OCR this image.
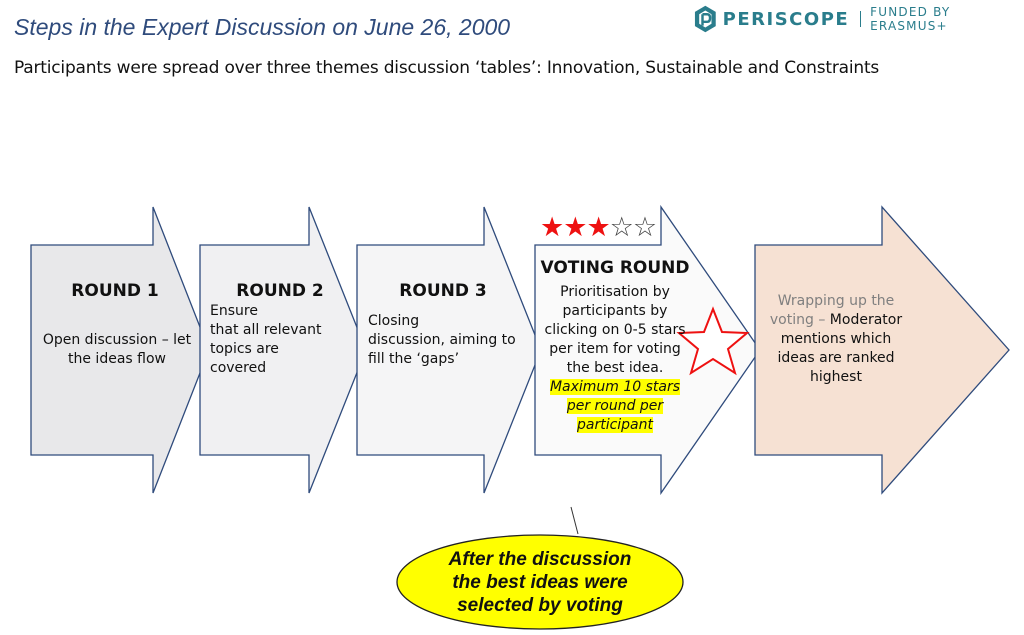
Steps in the Expert Discussion on June 26, 2000
Participants were spread over three themes discussion ‘tables’: Innovation, Sustainable and Constraints
PERISCOPE FUNDED BY ERASMUS+
ROUND 1
Open discussion – let the ideas flow
ROUND 2
Ensure
that all relevant
topics are
covered
ROUND 3
Closing
discussion, aiming to
fill the ‘gaps’
★★★☆☆
VOTING ROUND
Prioritisation by
participants by
clicking on 0-5 stars
per item for voting
the best idea.
Maximum 10 stars
per round per
participant
Wrapping up the voting – Moderator mentions which ideas are ranked highest
After the discussion
the best ideas were
selected by voting
